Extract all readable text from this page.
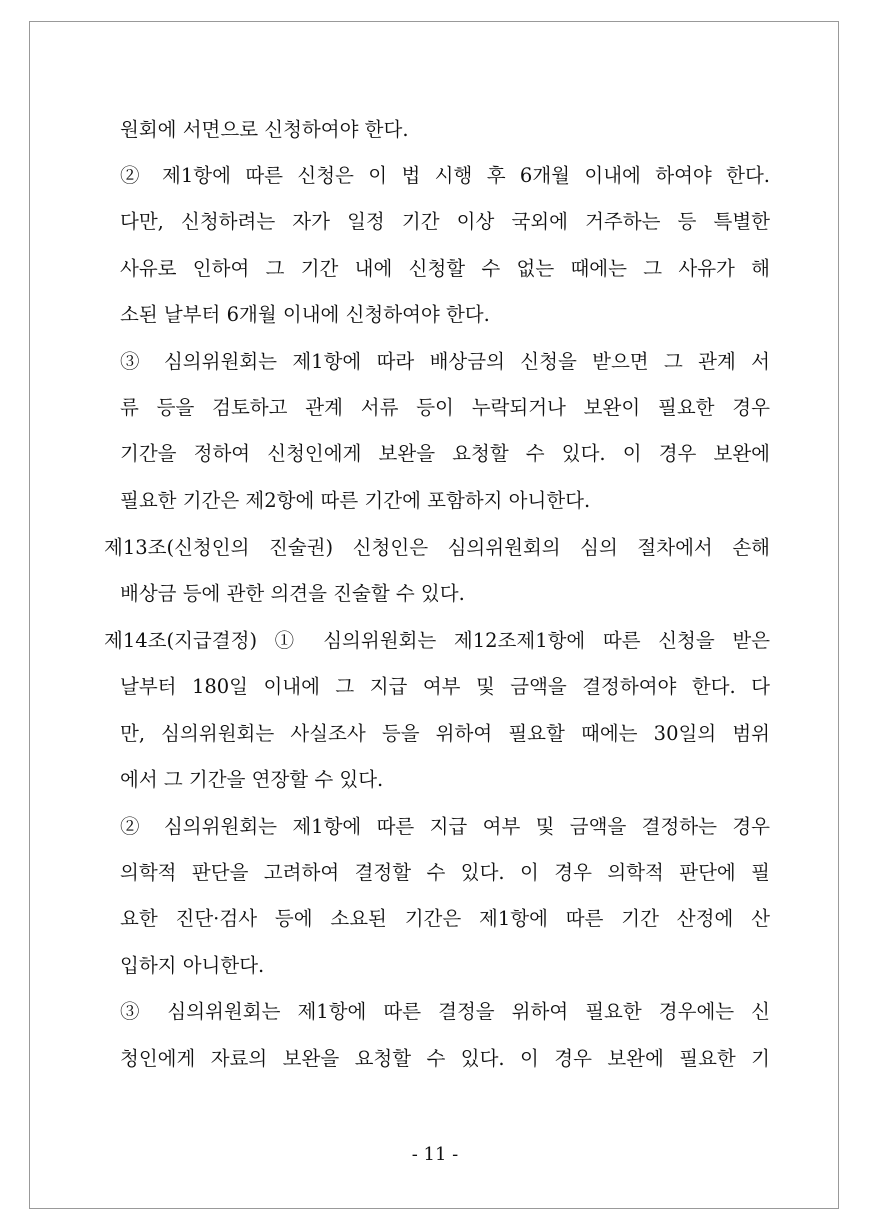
원회에 서면으로 신청하여야 한다.
② 제1항에 따른 신청은 이 법 시행 후 6개월 이내에 하여야 한다.
다만, 신청하려는 자가 일정 기간 이상 국외에 거주하는 등 특별한
사유로 인하여 그 기간 내에 신청할 수 없는 때에는 그 사유가 해
소된 날부터 6개월 이내에 신청하여야 한다.
③ 심의위원회는 제1항에 따라 배상금의 신청을 받으면 그 관계 서
류 등을 검토하고 관계 서류 등이 누락되거나 보완이 필요한 경우
기간을 정하여 신청인에게 보완을 요청할 수 있다. 이 경우 보완에
필요한 기간은 제2항에 따른 기간에 포함하지 아니한다.
제13조(신청인의 진술권) 신청인은 심의위원회의 심의 절차에서 손해
배상금 등에 관한 의견을 진술할 수 있다.
제14조(지급결정) ① 심의위원회는 제12조제1항에 따른 신청을 받은
날부터 180일 이내에 그 지급 여부 및 금액을 결정하여야 한다. 다
만, 심의위원회는 사실조사 등을 위하여 필요할 때에는 30일의 범위
에서 그 기간을 연장할 수 있다.
② 심의위원회는 제1항에 따른 지급 여부 및 금액을 결정하는 경우
의학적 판단을 고려하여 결정할 수 있다. 이 경우 의학적 판단에 필
요한 진단·검사 등에 소요된 기간은 제1항에 따른 기간 산정에 산
입하지 아니한다.
③ 심의위원회는 제1항에 따른 결정을 위하여 필요한 경우에는 신
청인에게 자료의 보완을 요청할 수 있다. 이 경우 보완에 필요한 기
- 11 -
